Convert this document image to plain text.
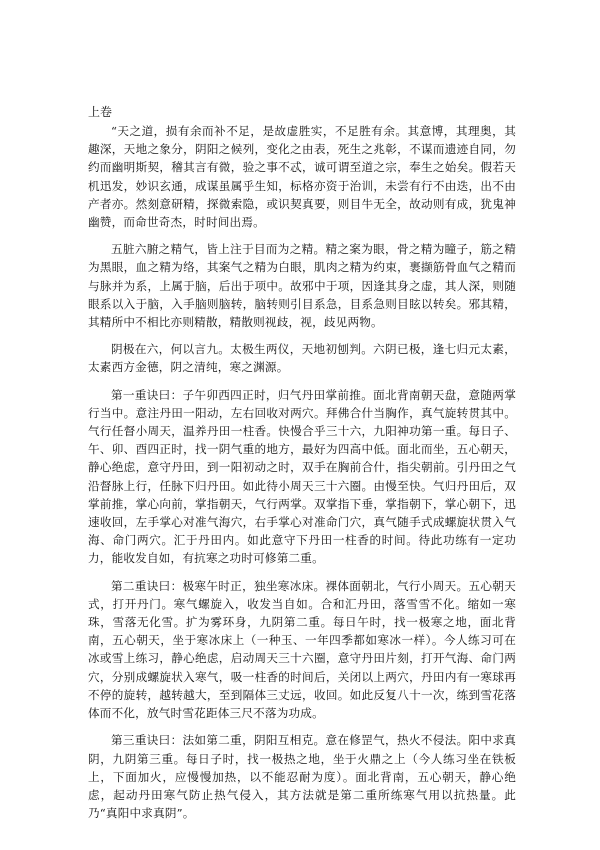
上卷

“天之道，损有余而补不足，是故虚胜实，不足胜有余。其意博，其理奥，其趣深，天地之象分，阴阳之候列，变化之由表，死生之兆彰，不谋而遗迹自同，勿约而幽明斯契，稽其言有微，验之事不忒，诚可谓至道之宗，奉生之始矣。假若天机迅发，妙识玄通，成谋虽属乎生知，标格亦资于治训，未尝有行不由迭，出不由产者亦。然刻意研精，探微索隐，或识契真要，则目牛无全，故动则有成，犹鬼神幽赞，而命世奇杰，时时间出焉。

五脏六腑之精气，皆上注于目而为之精。精之案为眼，骨之精为瞳子，筋之精为黑眼，血之精为络，其案气之精为白眼，肌肉之精为约束，裹撷筋骨血气之精而与脉并为系，上属于脑，后出于项中。故邪中于项，因逢其身之虚，其人深，则随眼系以入于脑，入手脑则脑转，脑转则引目系急，目系急则目眩以转矣。邪其精，其精所中不相比亦则精散，精散则视歧，视，歧见两物。

阴极在六，何以言九。太极生两仪，天地初刨判。六阴已极，逢七归元太素，太素西方金德，阴之清纯，寒之渊源。

第一重诀曰：子午卯西四正时，归气丹田掌前推。面北背南朝天盘，意随两掌行当中。意注丹田一阳动，左右回收对两穴。拜佛合什当胸作，真气旋转贯其中。气行任督小周天，温养丹田一柱香。快慢合乎三十六，九阳神功第一重。每日子、午、卯、酉四正时，找一阴气重的地方，最好为四高中低。面北而坐，五心朝天，静心绝虑，意守丹田，到一阳初动之时，双手在胸前合什，指尖朝前。引丹田之气沿督脉上行，任脉下归丹田。如此待小周天三十六圈。由慢至快。气归丹田后，双掌前推，掌心向前，掌指朝天，气行两掌。双掌指下垂，掌指朝下，掌心朝下，迅速收回，左手掌心对准气海穴，右手掌心对准命门穴，真气随手式成螺旋状贯入气海、命门两穴。汇于丹田内。如此意守下丹田一柱香的时间。待此功练有一定功力，能收发自如，有抗寒之功时可修第二重。

第二重诀曰：极寒午时正，独坐寒冰床。裸体面朝北，气行小周天。五心朝天式，打开丹门。寒气螺旋入，收发当自如。合和汇丹田，落雪雪不化。缩如一寒珠，雪落无化雪。扩为雾环身，九阴第二重。每日午时，找一极寒之地，面北背南，五心朝天，坐于寒冰床上（一种玉、一年四季都如寒冰一样）。今人练习可在冰或雪上练习，静心绝虑，启动周天三十六圈，意守丹田片刻，打开气海、命门两穴，分别成螺旋状入寒气，吸一柱香的时间后，关闭以上两穴，丹田内有一寒球再不停的旋转，越转越大，至到隔体三丈远，收回。如此反复八十一次，练到雪花落体而不化，放气时雪花距体三尺不落为功成。

第三重诀曰：法如第二重，阴阳互相克。意在修罡气，热火不侵法。阳中求真阴，九阴第三重。每日子时，找一极热之地，坐于火鼎之上（今人练习坐在铁板上，下面加火，应慢慢加热，以不能忍耐为度）。面北背南，五心朝天，静心绝虑，起动丹田寒气防止热气侵入，其方法就是第二重所练寒气用以抗热量。此乃“真阳中求真阴”。
